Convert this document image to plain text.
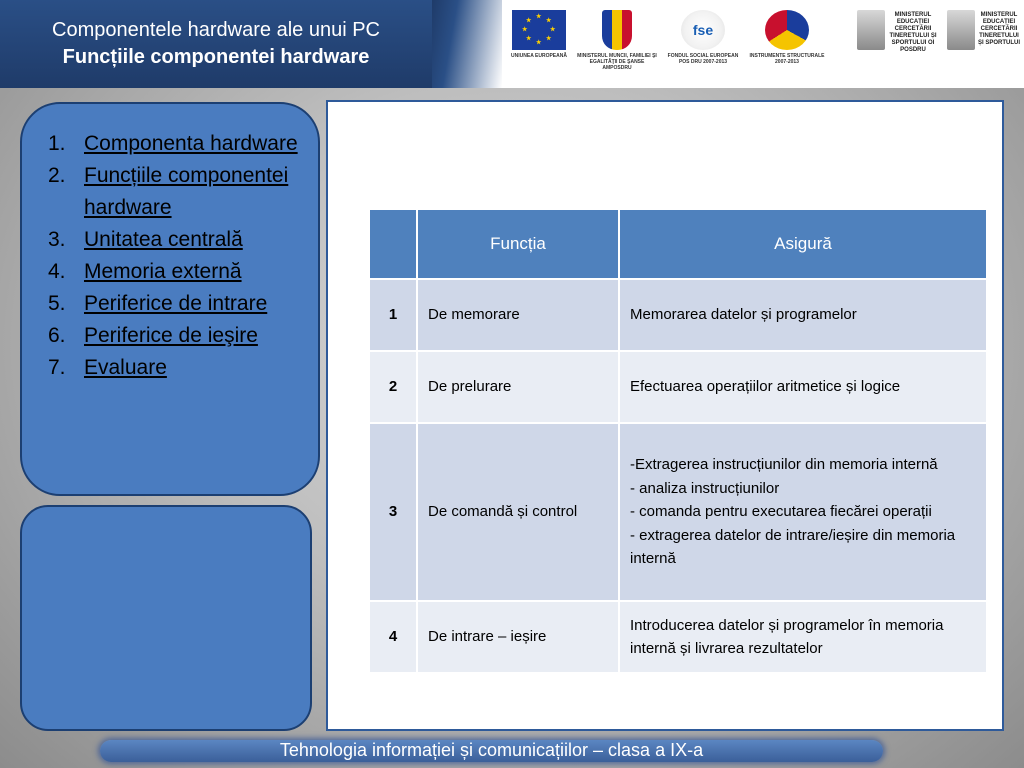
Componentele hardware ale unui PC
Funcțiile componentei hardware
★
★
★
★
★
★
★
★
UNIUNEA EUROPEANĂ	MINISTERUL MUNCII, FAMILIEI ŞI EGALITĂŢII DE ŞANSE AMPOSDRU
fse
FONDUL SOCIAL EUROPEAN POS DRU 2007-2013
INSTRUMENTE STRUCTURALE 2007-2013
MINISTERUL EDUCAȚIEI CERCETĂRII TINERETULUI ȘI SPORTULUI OI POSDRU
MINISTERUL EDUCAȚIEI CERCETĂRII TINERETULUI ȘI SPORTULUI
1. Componenta hardware
2. Funcțiile componentei hardware
3. Unitatea centrală
4. Memoria externă
5. Periferice de intrare
6. Periferice de ieşire
7. Evaluare
	Funcția	Asigură
1	De memorare	Memorarea datelor și programelor

2	De prelurare	Efectuarea operațiilor aritmetice și logice

3	De comandă și control	-Extragerea instrucțiunilor din memoria internă
- analiza instrucțiunilor
- comanda pentru executarea fiecărei operații
- extragerea datelor de intrare/ieșire din memoria internă

4	De intrare – ieșire	Introducerea datelor și programelor în memoria internă și livrarea rezultatelor
Tehnologia informației și comunicațiilor – clasa a IX-a
